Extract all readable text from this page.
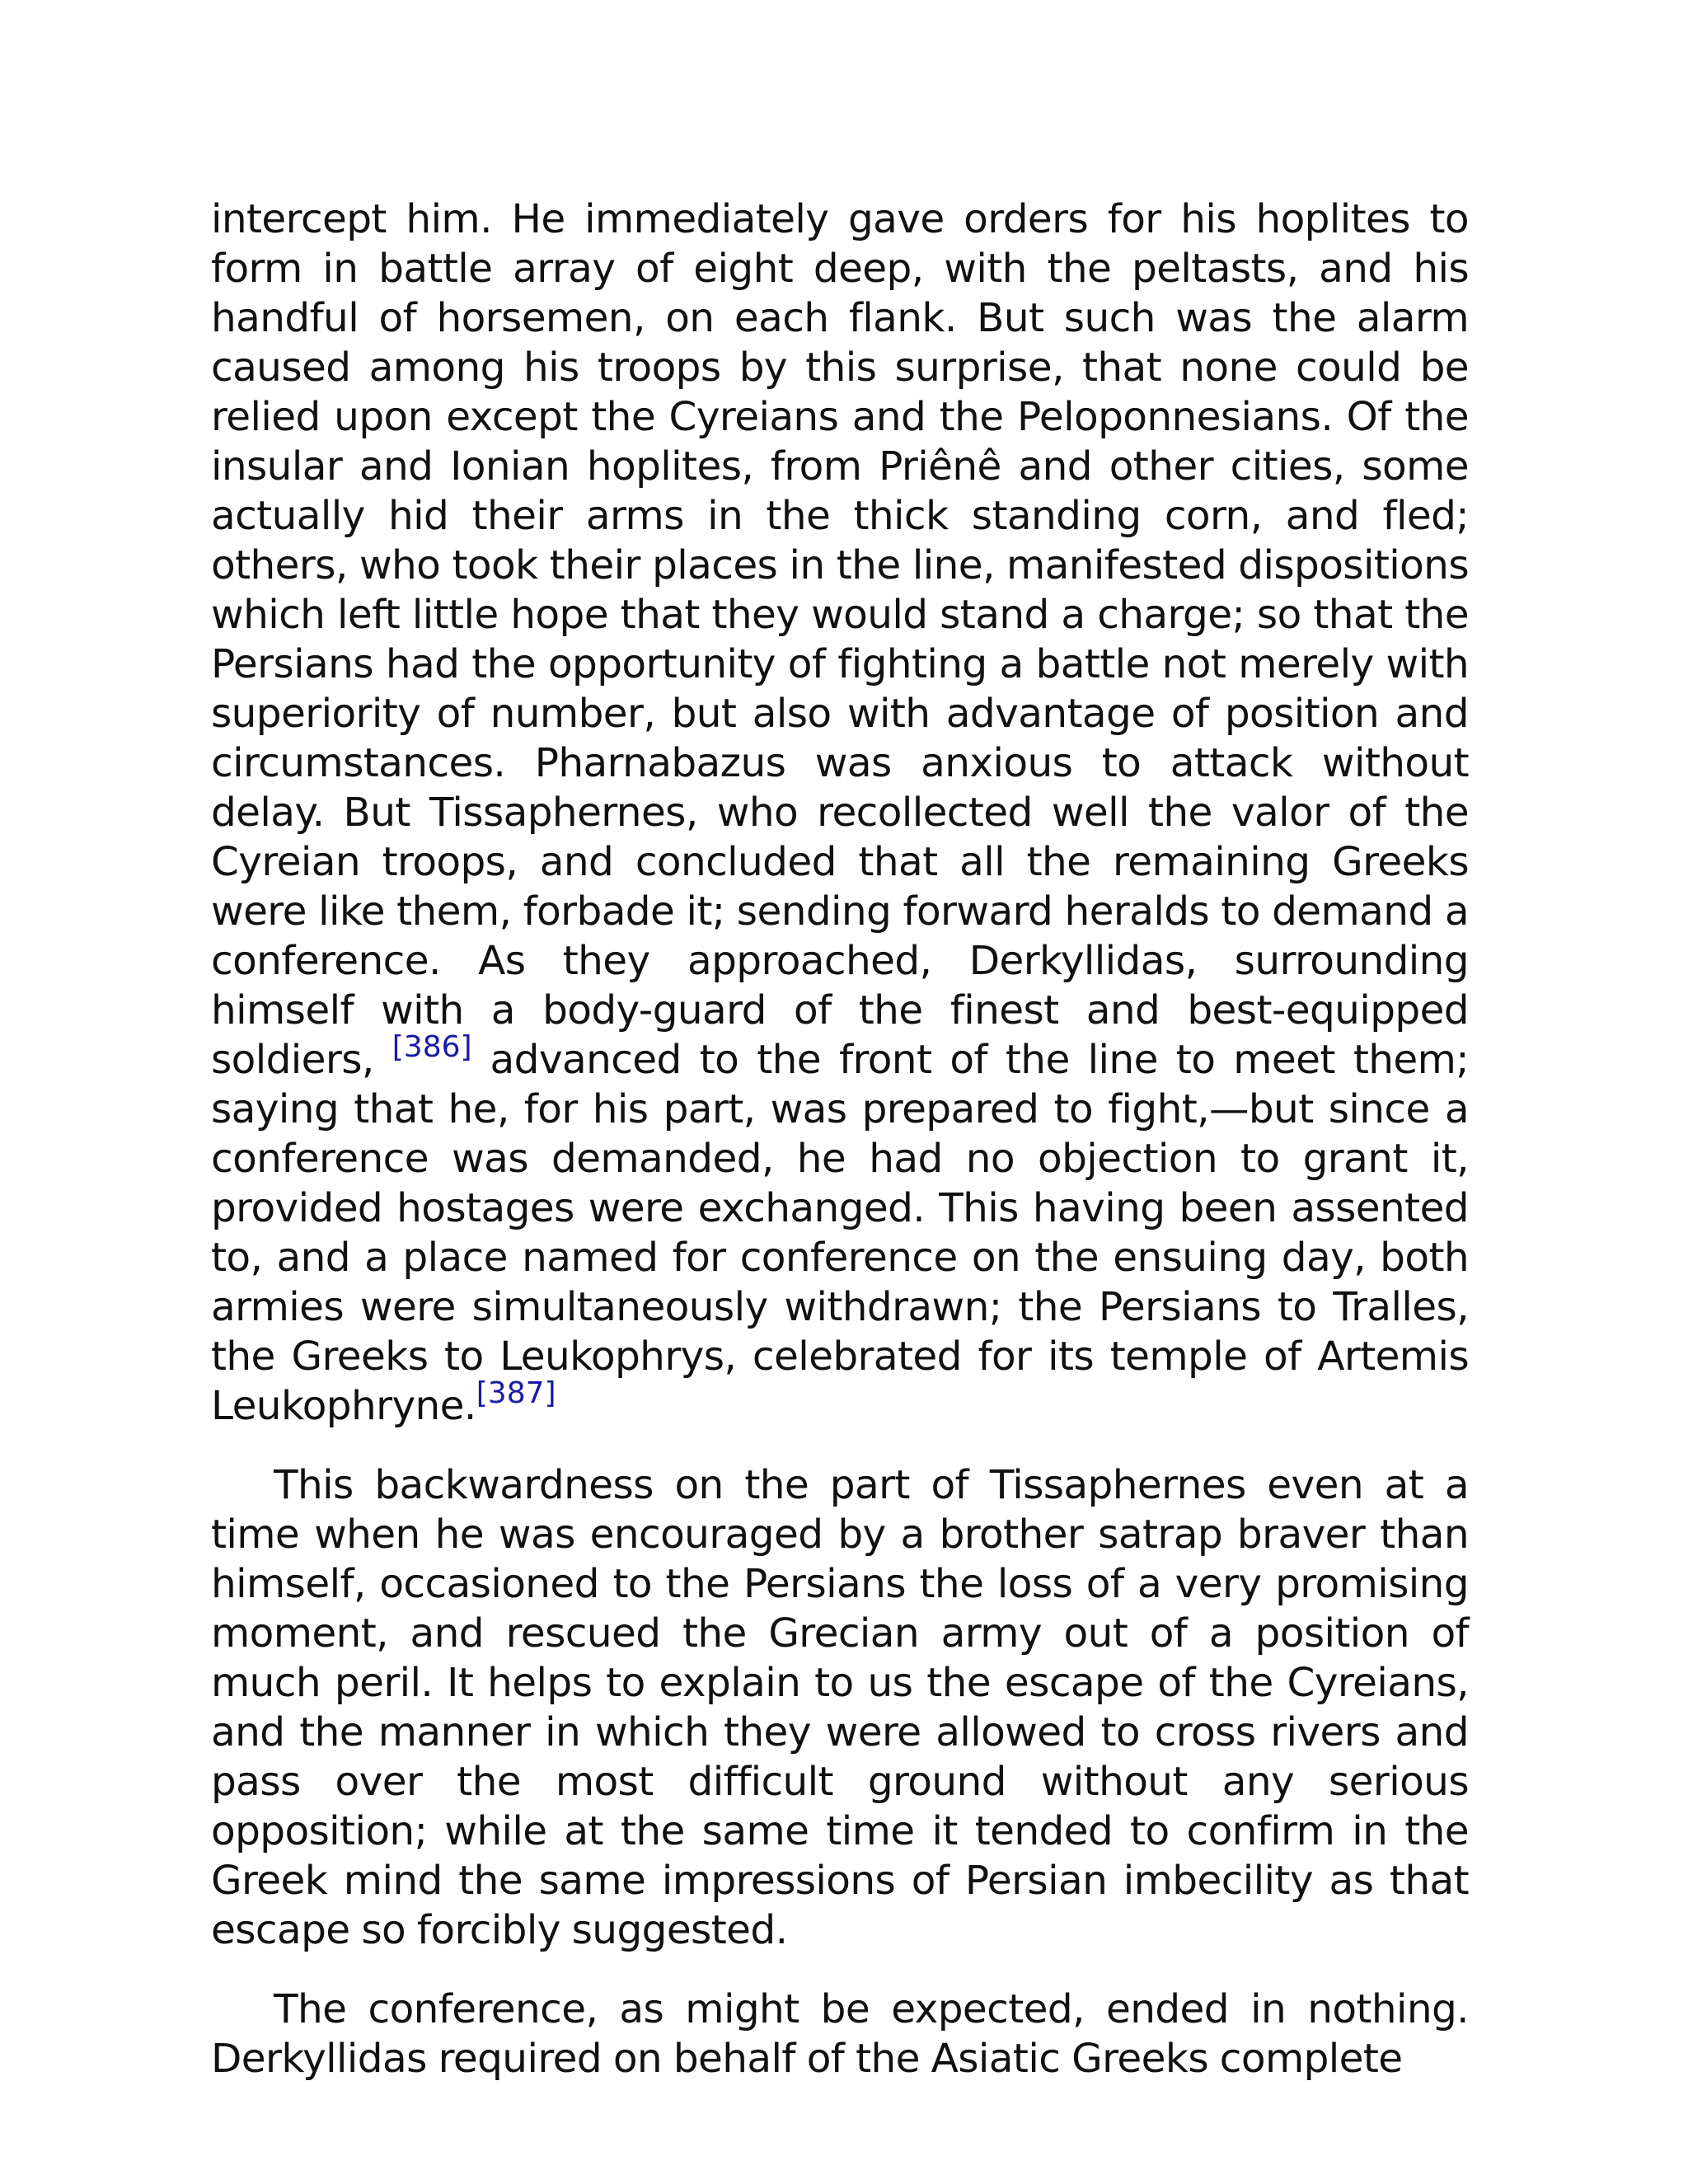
intercept him. He immediately gave orders for his hoplites to form in battle array of eight deep, with the peltasts, and his handful of horsemen, on each flank. But such was the alarm caused among his troops by this surprise, that none could be relied upon except the Cyreians and the Peloponnesians. Of the insular and Ionian hoplites, from Priênê and other cities, some actually hid their arms in the thick standing corn, and fled; others, who took their places in the line, manifested dispositions which left little hope that they would stand a charge; so that the Persians had the opportunity of fighting a battle not merely with superiority of number, but also with advantage of position and circumstances. Pharnabazus was anxious to attack without delay. But Tissaphernes, who recollected well the valor of the Cyreian troops, and concluded that all the remaining Greeks were like them, forbade it; sending forward heralds to demand a conference. As they approached, Derkyllidas, surrounding himself with a body-guard of the finest and best-equipped soldiers, [386] advanced to the front of the line to meet them; saying that he, for his part, was prepared to fight,—but since a conference was demanded, he had no objection to grant it, provided hostages were exchanged. This having been assented to, and a place named for conference on the ensuing day, both armies were simultaneously withdrawn; the Persians to Tralles, the Greeks to Leukophrys, celebrated for its temple of Artemis Leukophryne.[387]

This backwardness on the part of Tissaphernes even at a time when he was encouraged by a brother satrap braver than himself, occasioned to the Persians the loss of a very promising moment, and rescued the Grecian army out of a position of much peril. It helps to explain to us the escape of the Cyreians, and the manner in which they were allowed to cross rivers and pass over the most difficult ground without any serious opposition; while at the same time it tended to confirm in the Greek mind the same impressions of Persian imbecility as that escape so forcibly suggested.

The conference, as might be expected, ended in nothing. Derkyllidas required on behalf of the Asiatic Greeks complete
